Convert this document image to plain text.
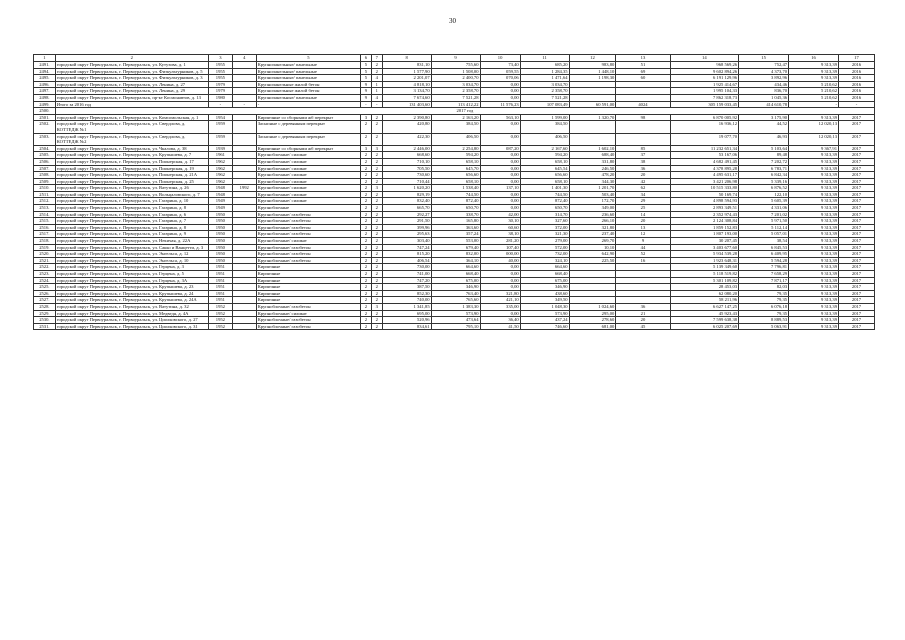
30
1	2	3	4	5	6	7	8	9	10	11	12	13	14	15	16	17
2491.	городской округ Первоуральск, г. Первоуральск, ул. Кутузова, д. 1	1955		Крупнопанельные/ панельные	5	2	831,10	755,60	73,40	685,20	983,80	51	968 569,26	752,47	9 313,39	2016
2494.	городской округ Первоуральск, г. Первоуральск, ул. Физкультурников, д. 5	1955		Крупнопанельные/ панельные	5	2	1 577,90	1 508,00	059,55	1 284,35	1 448,10	69	9 602 894,26	4 373,70	9 313,39	2016
2495.	городской округ Первоуральск, г. Первоуральск, ул. Физкультурников, д. 3	1955		Крупнопанельные/ панельные	5	4	2 201,07	2 400,70	070,06	1 471,64	1 198,30	60	6 191 129,96	3 892,96	9 313,39	2016
2496.	городской округ Первоуральск, г. Первоуральск, ул. Ленина, д. 27	1979		Крупнопанельные жилой бетон	9	1	4 818,10	3 034,70	0,00	3 034,70			1 925 414,67	434,46	5 210,62	2016
2497.	городской округ Первоуральск, г. Первоуральск, ул. Ленина, д. 29	1979		Крупнопанельные жилой бетон	9	1	3 134,70	2 358,70	0,00	2 358,70			1 995 104,33	836,70	5 210,62	2016
2498.	городской округ Первоуральск, г. Первоуральск, пр-кт Космонавтов, д. 13	1980		Крупнопанельные/ панельные	9	4	7 674,60	7 521,28	0,00	7 521,28			7 862 318,73	1 045,36	5 210,62	2016
2499.	Итого за 2016 год	-	-	-	-	-	131 403,60	113 412,22	11 576,23	107 083,49	60 591,00	4024	305 159 033,45	414 610,78	-	-
2500.	2017 год															
2501.	городской округ Первоуральск, г. Первоуральск, ул. Комсомольская, д. 1	1954		Кирпичные со сборными жб перекрыт	3	2	2 390,80	2 163,20	563,10	1 599,00	1 320,70	98	6 870 005,92	3 175,90	9 313,39	2017
2502.	городской округ Первоуральск, г. Первоуральск, ул. Свердлова, д. КОТТЕДЖ №1	1959		Засыпные с деревянным перекрыт	2	2	420,80	384,50	0,00	384,50			16 936,12	44,52	12 020,13	2017
2503.	городской округ Первоуральск, г. Первоуральск, ул. Свердлова, д. КОТТЕДЖ №2	1959		Засыпные с деревянным перекрыт	2	2	422,30	406,50	0,00	406,50			19 077,70	46,93	12 020,13	2017
2504.	городской округ Первоуральск, г. Первоуральск, ул. Чкалова, д. 38	1939		Кирпичные со сборными жб перекрыт	3	3	2 446,00	2 254,80	087,20	2 167,60	1 602,10	85	11 232 651,34	5 103,64	9 367,91	2017
2505.	городской округ Первоуральск, г. Первоуральск, ул. Крупышева, д. 7	1961		Крупноблочные/ силикат	2	2	668,60	594,20	0,00	594,20	688,40	37	53 167,06	89,48	9 313,39	2017
2506.	городской округ Первоуральск, г. Первоуральск, ул. Пионерская, д. 17	1962		Крупноблочные/ силикат	2	2	710,10	658,10	0,00	658,10	331,80	38	4 682 491,45	7 202,72	9 313,39	2017
2507.	городской округ Первоуральск, г. Первоуральск, ул. Пионерская, д. 19	1962		Крупноблочные/ силикат	2	2	705,50	645,70	0,00	645,54	246,50	36	4 378 895,28	6 783,71	9 313,39	2017
2508.	городской округ Первоуральск, г. Первоуральск, ул. Пионерская, д. 21А	1962		Крупноблочные/ силикат	2	2	730,60	656,60	0,00	656,60	478,20	20	4 495 631,17	6 842,34	9 313,39	2017
2509.	городской округ Первоуральск, г. Первоуральск, ул. Пионерская, д. 25	1962		Крупноблочные/ силикат	2	2	710,44	658,10	0,00	658,10	344,30	42	3 421 206,98	5 339,16	9 313,39	2017
2510.	городской округ Первоуральск, г. Первоуральск, ул. Ватутина, д. 26	1948	1992	Крупноблочные/ силикат	2	3	1 620,20	1 538,40	137,10	1 401,30	1 201,70	62	10 515 333,80	6 876,52	9 313,39	2017
2511.	городской округ Первоуральск, г. Первоуральск, ул. Вольцаловского, д. 7	1948		Крупноблочные/ силикат	2	2	829,19	744,50	0,00	744,50	503,40	34	50 169,74	122,10	9 313,39	2017
2512.	городской округ Первоуральск, г. Первоуральск, ул. Гагарина, д. 10	1949		Крупноблочные/ силикат	2	2	832,40	872,40	0,00	872,40	172,70	29	4 898 594,93	5 605,39	9 313,39	2017
2513.	городской округ Первоуральск, г. Первоуральск, ул. Гагарина, д. 8	1949		Крупноблочные	2	2	665,70	650,70	0,00	650,70	349,00	25	2 893 349,51	4 331,06	9 313,39	2017
2514.	городской округ Первоуральск, г. Первоуральск, ул. Гагарина, д. 6	1950		Крупноблочные/ газобетон	2	2	292,27	338,70	42,00	314,70	236,60	14	2 352 974,43	7 201,02	9 313,39	2017
2515.	городской округ Первоуральск, г. Первоуральск, ул. Гагарина, д. 7	1950		Крупноблочные/ газобетон	2	2	291,50	165,80	30,10	327,60	266,10	20	2 124 308,84	5 971,50	9 313,39	2017
2516.	городской округ Первоуральск, г. Первоуральск, ул. Гагарина, д. 8	1950		Крупноблочные/ газобетон	2	2	399,96	363,60	60,60	372,00	321,80	13	1 859 152,83	5 112,14	9 313,39	2017
2517.	городской округ Первоуральск, г. Первоуральск, ул. Гагарина, д. 9	1950		Крупноблочные/ газобетон	2	2	295,63	357,24	38,10	321,30	237,40	12	1 807 193,00	5 057,01	9 313,39	2017
2518.	городской округ Первоуральск, г. Первоуральск, ул. Некичая, д. 22А	1950		Крупноблочные/ силикат	2	2	303,40	553,00	281,20	279,00	269,70	9	30 207,45	38,54	9 313,39	2017
2519.	городской округ Первоуральск, г. Первоуральск, ул. Сакко и Ванцетти, д. 3	1950		Крупноблочные/ газобетон	2	2	747,24	679,40	107,40	572,00	10,10	44	3 403 677,60	6 845,53	9 313,39	2017
2520.	городской округ Первоуральск, г. Первоуральск, ул. Энгельса, д. 12	1950		Крупноблочные/ газобетон	2	2	815,20	832,00	000,00	732,00	642,90	52	5 934 539,28	6 409,95	9 313,39	2017
2521.	городской округ Первоуральск, г. Первоуральск, ул. Энгельса, д. 10	1950		Крупноблочные/ газобетон	2	2	406,54	364,10	40,00	324,10	225,50	16	1 923 648,31	5 594,28	9 313,39	2017
2522.	городской округ Первоуральск, г. Первоуральск, ул. Герцена, д. 3	1951		Кирпичные	2	2	730,00	664,60	0,00	664,60			5 139 349,60	7 796,81	9 313,39	2017
2523.	городской округ Первоуральск, г. Первоуральск, ул. Герцена, д. 5	1951		Кирпичные	2	2	741,00	668,40	0,00	668,40			5 118 519,82	7 658,29	9 313,39	2017
2524.	городской округ Первоуральск, г. Первоуральск, ул. Герцена, д. 3А	1951		Кирпичные	2	2	747,20	675,00	0,00	675,00			5 301 109,82	7 871,17	9 313,39	2017
2525.	городской округ Первоуральск, г. Первоуральск, ул. Крупышева, д. 23	1951		Кирпичные	2	2	387,50	346,90	0,00	346,90			28 453,03	82,03	9 313,39	2017
2526.	городской округ Первоуральск, г. Первоуральск, ул. Крупышева, д. 24	1951		Кирпичные	2	2	852,30	763,40	321,80	438,60			62 080,20	79,35	9 313,39	2017
2527.	городской округ Первоуральск, г. Первоуральск, ул. Крупышева, д. 24А	1951		Кирпичные	2	2	740,00	765,60	421,10	349,50			58 211,96	79,35	9 313,39	2017
2528.	городской округ Первоуральск, г. Первоуральск, ул. Ватутина, д. 32	1952		Крупноблочные/ газобетон	2	3	1 341,85	1 383,30	335,00	1 048,30	1 024,60	36	6 627 147,25	6 076,18	9 313,39	2017
2529.	городской округ Первоуральск, г. Первоуральск, ул. Медведя, д. 4А	1952		Крупноблочные/ силикат	2	2	695,00	573,90	0,00	573,90	295,00	21	45 923,43	79,35	9 313,39	2017
2530.	городской округ Первоуральск, г. Первоуральск, ул. Циолковского, д. 27	1952		Крупноблочные/ газобетон	2	2	520,96	473,64	36,40	437,24	278,60	20	7 599 638,38	8 889,53	9 313,39	2017
2531.	городской округ Первоуральск, г. Первоуральск, ул. Циолковского, д. 31	1952		Крупноблочные/ газобетон	2	2	834,61	795,10	41,50	746,60	681,00	45	6 025 207,69	5 063,91	9 313,39	2017
